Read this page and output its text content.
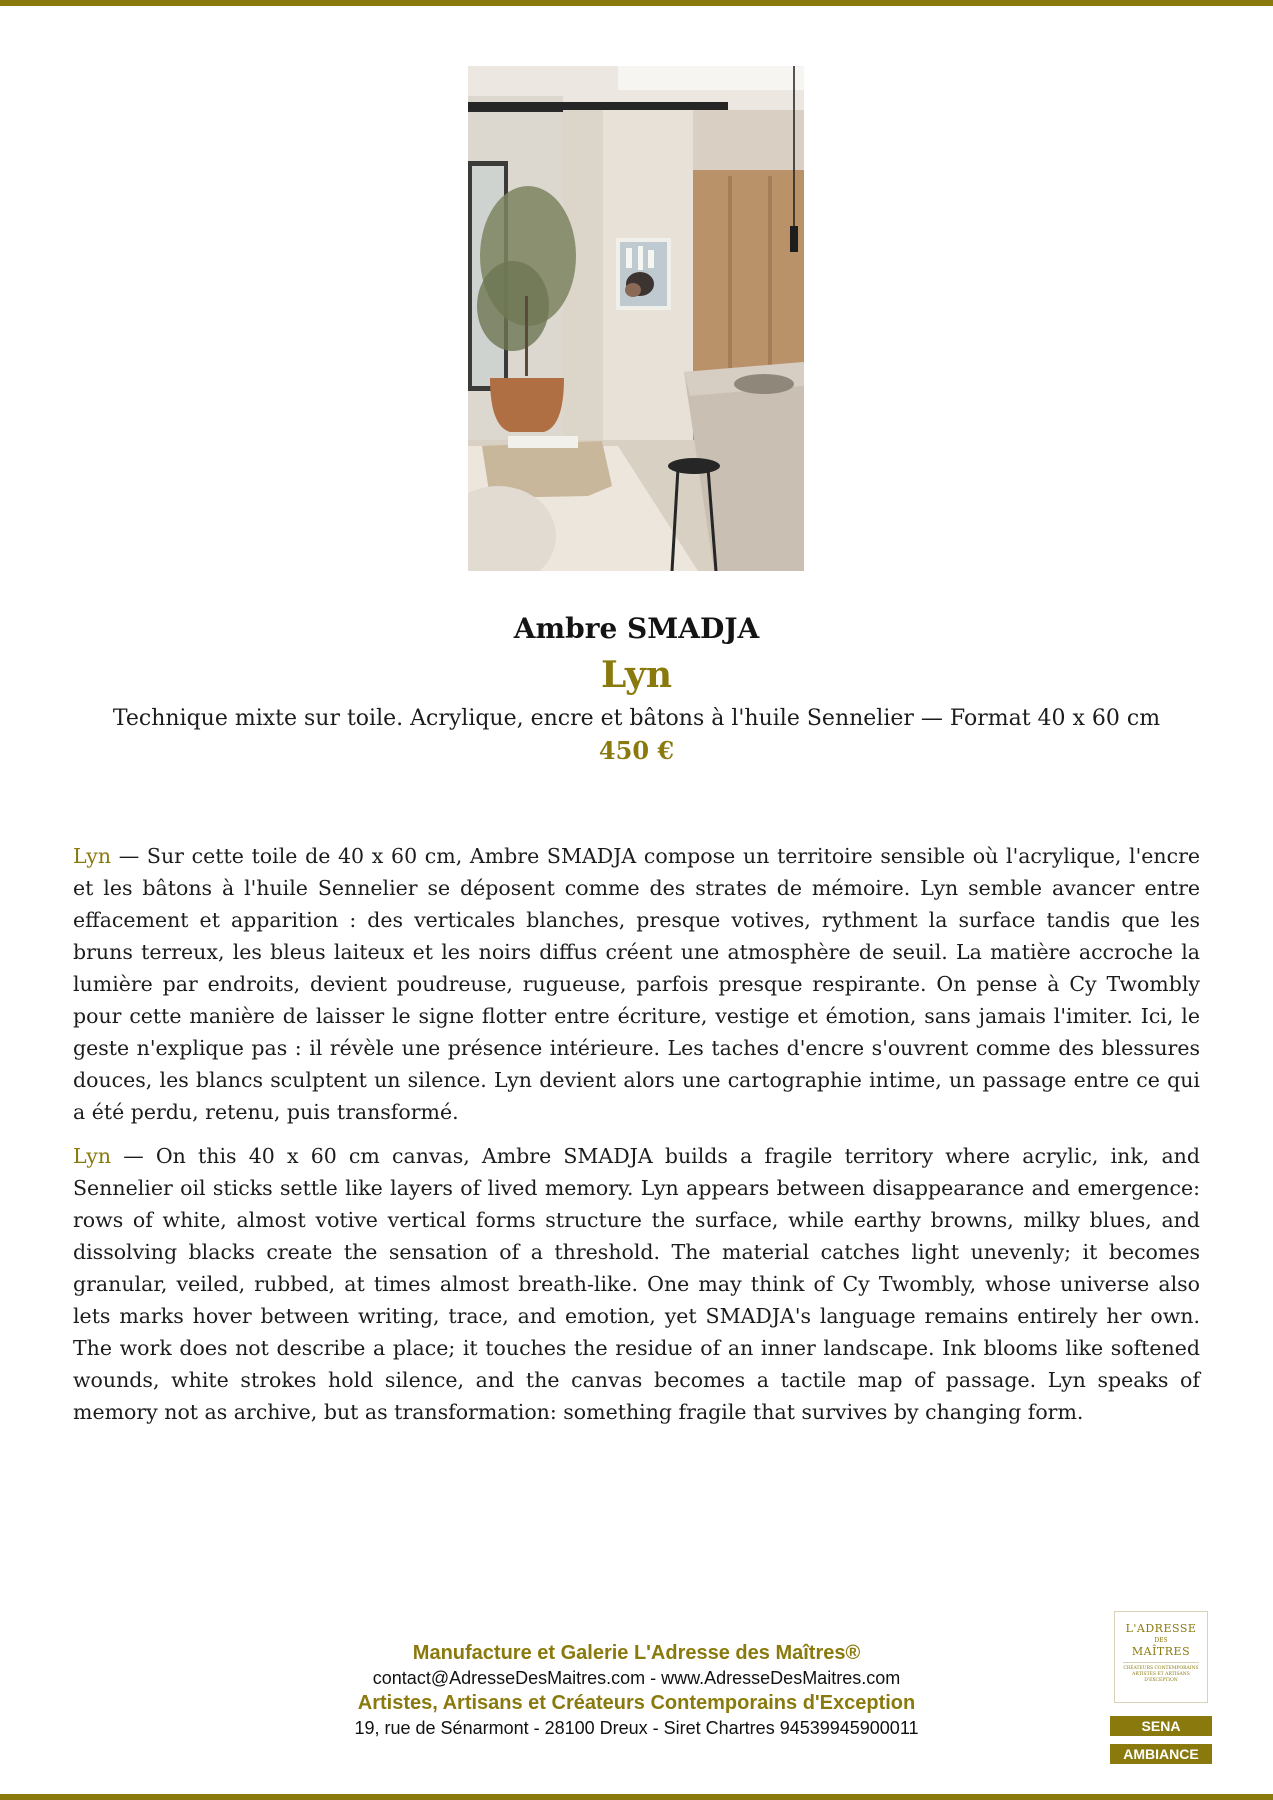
Ambre SMADJA
Lyn
Technique mixte sur toile. Acrylique, encre et bâtons à l'huile Sennelier — Format 40 x 60 cm
450 €

Lyn — Sur cette toile de 40 x 60 cm, Ambre SMADJA compose un territoire sensible où l'acrylique, l'encre et les bâtons à l'huile Sennelier se déposent comme des strates de mémoire. Lyn semble avancer entre effacement et apparition : des verticales blanches, presque votives, rythment la surface tandis que les bruns terreux, les bleus laiteux et les noirs diffus créent une atmosphère de seuil. La matière accroche la lumière par endroits, devient poudreuse, rugueuse, parfois presque respirante. On pense à Cy Twombly pour cette manière de laisser le signe flotter entre écriture, vestige et émotion, sans jamais l'imiter. Ici, le geste n'explique pas : il révèle une présence intérieure. Les taches d'encre s'ouvrent comme des blessures douces, les blancs sculptent un silence. Lyn devient alors une cartographie intime, un passage entre ce qui a été perdu, retenu, puis transformé.

Lyn — On this 40 x 60 cm canvas, Ambre SMADJA builds a fragile territory where acrylic, ink, and Sennelier oil sticks settle like layers of lived memory. Lyn appears between disappearance and emergence: rows of white, almost votive vertical forms structure the surface, while earthy browns, milky blues, and dissolving blacks create the sensation of a threshold. The material catches light unevenly; it becomes granular, veiled, rubbed, at times almost breath-like. One may think of Cy Twombly, whose universe also lets marks hover between writing, trace, and emotion, yet SMADJA's language remains entirely her own. The work does not describe a place; it touches the residue of an inner landscape. Ink blooms like softened wounds, white strokes hold silence, and the canvas becomes a tactile map of passage. Lyn speaks of memory not as archive, but as transformation: something fragile that survives by changing form.

Manufacture et Galerie L'Adresse des Maîtres®
contact@AdresseDesMaitres.com - www.AdresseDesMaitres.com
Artistes, Artisans et Créateurs Contemporains d'Exception
19, rue de Sénarmont - 28100 Dreux - Siret Chartres 94539945900011
L'ADRESSE
DES
MAÎTRES
CRÉATEURS CONTEMPORAINS ARTISTES ET ARTISANS D'EXCEPTION
SENA
AMBIANCE
